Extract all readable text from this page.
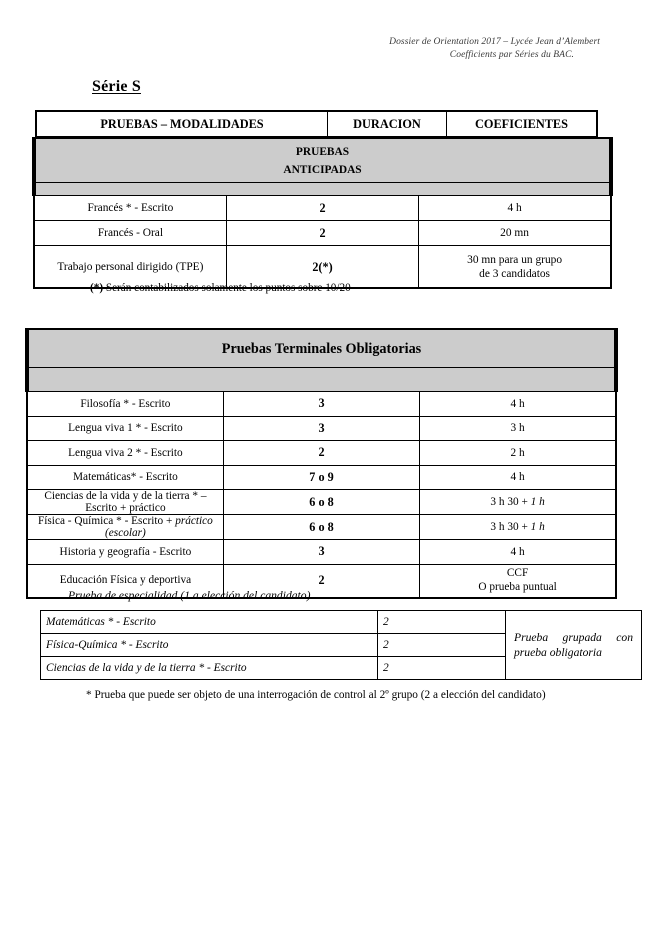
Dossier de Orientation 2017 – Lycée Jean d’Alembert
Coefficients par Séries du BAC.
Série S
PRUEBAS – MODALIDADES	DURACION	COEFICIENTES
PRUEBAS
ANTICIPADAS		

Francés * - Escrito	2	4 h
Francés - Oral	2	20 mn
Trabajo personal dirigido (TPE)	2(*)	30 mn para un grupo
de 3 candidatos
(*) Serán contabilizados solamente los puntos sobre 10/20
Pruebas Terminales Obligatorias		

Filosofía * - Escrito	3	4 h
Lengua viva 1 * - Escrito	3	3 h
Lengua viva 2 * - Escrito	2	2 h
Matemáticas* - Escrito	7 o 9	4 h
Ciencias de la vida y de la tierra * – Escrito + práctico	6 o 8	3 h 30 + 1 h
Física - Química * - Escrito + práctico (escolar)	6 o 8	3 h 30 + 1 h
Historia y geografía - Escrito	3	4 h
Educación Física y deportiva	2	CCF
O prueba puntual
Prueba de especialidad (1 a elección del candidato)
Matemáticas * - Escrito	2	Prueba grupada con prueba obligatoria
Física-Química * - Escrito	2	
Ciencias de la vida y de la tierra * - Escrito	2	
* Prueba que puede ser objeto de una interrogación de control al 2º grupo (2 a elección del candidato)
